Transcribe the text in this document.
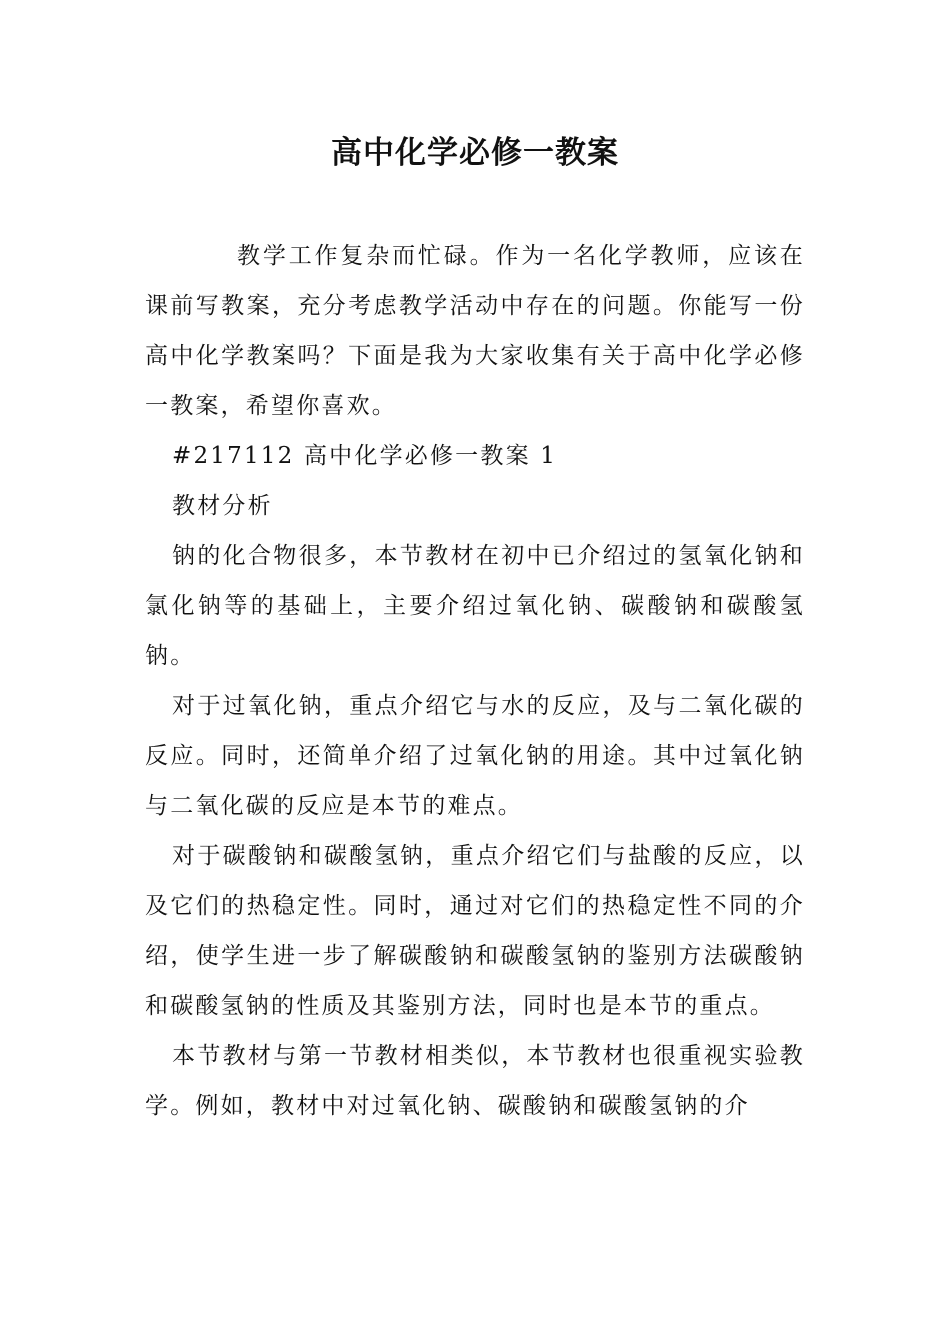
高中化学必修一教案

教学工作复杂而忙碌。作为一名化学教师，应该在课前写教案，充分考虑教学活动中存在的问题。你能写一份高中化学教案吗？下面是我为大家收集有关于高中化学必修一教案，希望你喜欢。

#217112 高中化学必修一教案 1

教材分析

钠的化合物很多，本节教材在初中已介绍过的氢氧化钠和氯化钠等的基础上，主要介绍过氧化钠、碳酸钠和碳酸氢钠。

对于过氧化钠，重点介绍它与水的反应，及与二氧化碳的反应。同时，还简单介绍了过氧化钠的用途。其中过氧化钠与二氧化碳的反应是本节的难点。

对于碳酸钠和碳酸氢钠，重点介绍它们与盐酸的反应，以及它们的热稳定性。同时，通过对它们的热稳定性不同的介绍，使学生进一步了解碳酸钠和碳酸氢钠的鉴别方法碳酸钠和碳酸氢钠的性质及其鉴别方法，同时也是本节的重点。

本节教材与第一节教材相类似，本节教材也很重视实验教学。例如，教材中对过氧化钠、碳酸钠和碳酸氢钠的介
